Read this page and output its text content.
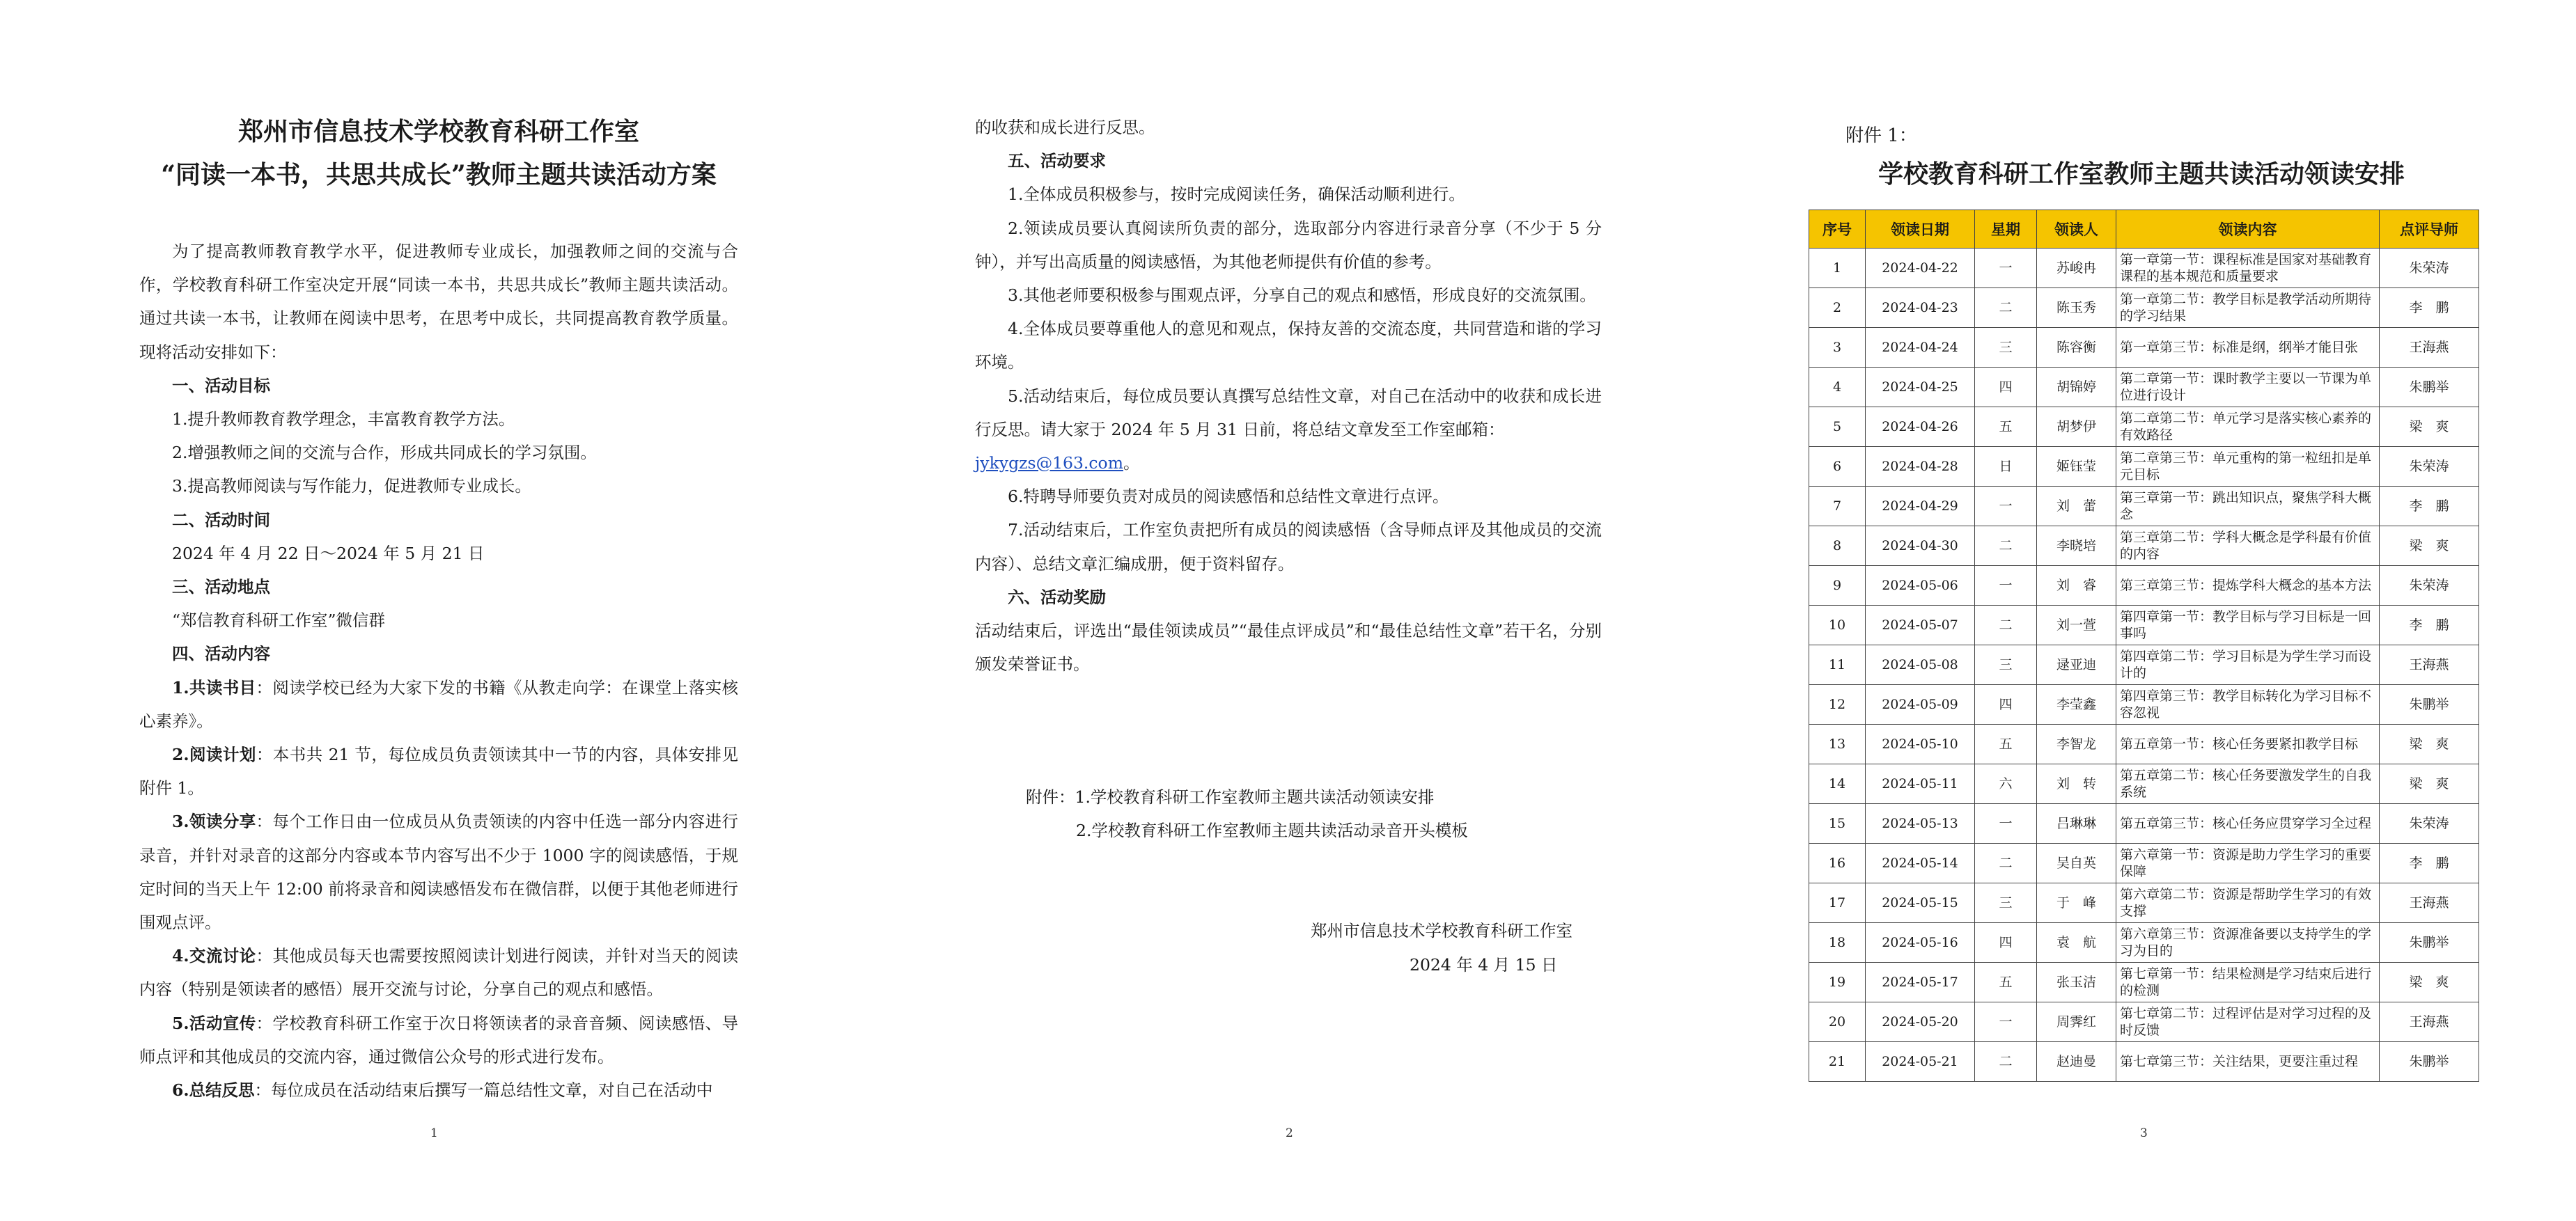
郑州市信息技术学校教育科研工作室

“同读一本书，共思共成长”教师主题共读活动方案

为了提高教师教育教学水平，促进教师专业成长，加强教师之间的交流与合作，学校教育科研工作室决定开展“同读一本书，共思共成长”教师主题共读活动。通过共读一本书，让教师在阅读中思考，在思考中成长，共同提高教育教学质量。现将活动安排如下：

一、活动目标

1.提升教师教育教学理念，丰富教育教学方法。

2.增强教师之间的交流与合作，形成共同成长的学习氛围。

3.提高教师阅读与写作能力，促进教师专业成长。

二、活动时间

2024 年 4 月 22 日～2024 年 5 月 21 日

三、活动地点

“郑信教育科研工作室”微信群

四、活动内容

1.共读书目：阅读学校已经为大家下发的书籍《从教走向学：在课堂上落实核心素养》。

2.阅读计划：本书共 21 节，每位成员负责领读其中一节的内容，具体安排见附件 1。

3.领读分享：每个工作日由一位成员从负责领读的内容中任选一部分内容进行录音，并针对录音的这部分内容或本节内容写出不少于 1000 字的阅读感悟，于规定时间的当天上午 12:00 前将录音和阅读感悟发布在微信群，以便于其他老师进行围观点评。

4.交流讨论：其他成员每天也需要按照阅读计划进行阅读，并针对当天的阅读内容（特别是领读者的感悟）展开交流与讨论，分享自己的观点和感悟。

5.活动宣传：学校教育科研工作室于次日将领读者的录音音频、阅读感悟、导师点评和其他成员的交流内容，通过微信公众号的形式进行发布。

6.总结反思：每位成员在活动结束后撰写一篇总结性文章，对自己在活动中

1

的收获和成长进行反思。

五、活动要求

1.全体成员积极参与，按时完成阅读任务，确保活动顺利进行。

2.领读成员要认真阅读所负责的部分，选取部分内容进行录音分享（不少于 5 分钟），并写出高质量的阅读感悟，为其他老师提供有价值的参考。

3.其他老师要积极参与围观点评，分享自己的观点和感悟，形成良好的交流氛围。

4.全体成员要尊重他人的意见和观点，保持友善的交流态度，共同营造和谐的学习环境。

5.活动结束后，每位成员要认真撰写总结性文章，对自己在活动中的收获和成长进行反思。请大家于 2024 年 5 月 31 日前，将总结文章发至工作室邮箱：

jykygzs@163.com。

6.特聘导师要负责对成员的阅读感悟和总结性文章进行点评。

7.活动结束后，工作室负责把所有成员的阅读感悟（含导师点评及其他成员的交流内容）、总结文章汇编成册，便于资料留存。

六、活动奖励

活动结束后，评选出“最佳领读成员”“最佳点评成员”和“最佳总结性文章”若干名，分别颁发荣誉证书。

附件：1.学校教育科研工作室教师主题共读活动领读安排
2.学校教育科研工作室教师主题共读活动录音开头模板
郑州市信息技术学校教育科研工作室
2024 年 4 月 15 日
2
附件 1：
学校教育科研工作室教师主题共读活动领读安排
序号	领读日期	星期	领读人	领读内容	点评导师
1	2024-04-22	一	苏峻冉	第一章第一节：课程标准是国家对基础教育课程的基本规范和质量要求	朱荣涛
2	2024-04-23	二	陈玉秀	第一章第二节：教学目标是教学活动所期待的学习结果	李　鹏
3	2024-04-24	三	陈容衡	第一章第三节：标准是纲，纲举才能目张	王海燕
4	2024-04-25	四	胡锦婷	第二章第一节：课时教学主要以一节课为单位进行设计	朱鹏举
5	2024-04-26	五	胡梦伊	第二章第二节：单元学习是落实核心素养的有效路径	梁　爽
6	2024-04-28	日	姬钰莹	第二章第三节：单元重构的第一粒纽扣是单元目标	朱荣涛
7	2024-04-29	一	刘　蕾	第三章第一节：跳出知识点，聚焦学科大概念	李　鹏
8	2024-04-30	二	李晓培	第三章第二节：学科大概念是学科最有价值的内容	梁　爽
9	2024-05-06	一	刘　睿	第三章第三节：提炼学科大概念的基本方法	朱荣涛
10	2024-05-07	二	刘一萱	第四章第一节：教学目标与学习目标是一回事吗	李　鹏
11	2024-05-08	三	逯亚迪	第四章第二节：学习目标是为学生学习而设计的	王海燕
12	2024-05-09	四	李莹鑫	第四章第三节：教学目标转化为学习目标不容忽视	朱鹏举
13	2024-05-10	五	李智龙	第五章第一节：核心任务要紧扣教学目标	梁　爽
14	2024-05-11	六	刘　转	第五章第二节：核心任务要激发学生的自我系统	梁　爽
15	2024-05-13	一	吕琳琳	第五章第三节：核心任务应贯穿学习全过程	朱荣涛
16	2024-05-14	二	吴自英	第六章第一节：资源是助力学生学习的重要保障	李　鹏
17	2024-05-15	三	于　峰	第六章第二节：资源是帮助学生学习的有效支撑	王海燕
18	2024-05-16	四	袁　航	第六章第三节：资源准备要以支持学生的学习为目的	朱鹏举
19	2024-05-17	五	张玉洁	第七章第一节：结果检测是学习结束后进行的检测	梁　爽
20	2024-05-20	一	周霁红	第七章第二节：过程评估是对学习过程的及时反馈	王海燕
21	2024-05-21	二	赵迪曼	第七章第三节：关注结果，更要注重过程	朱鹏举
3
